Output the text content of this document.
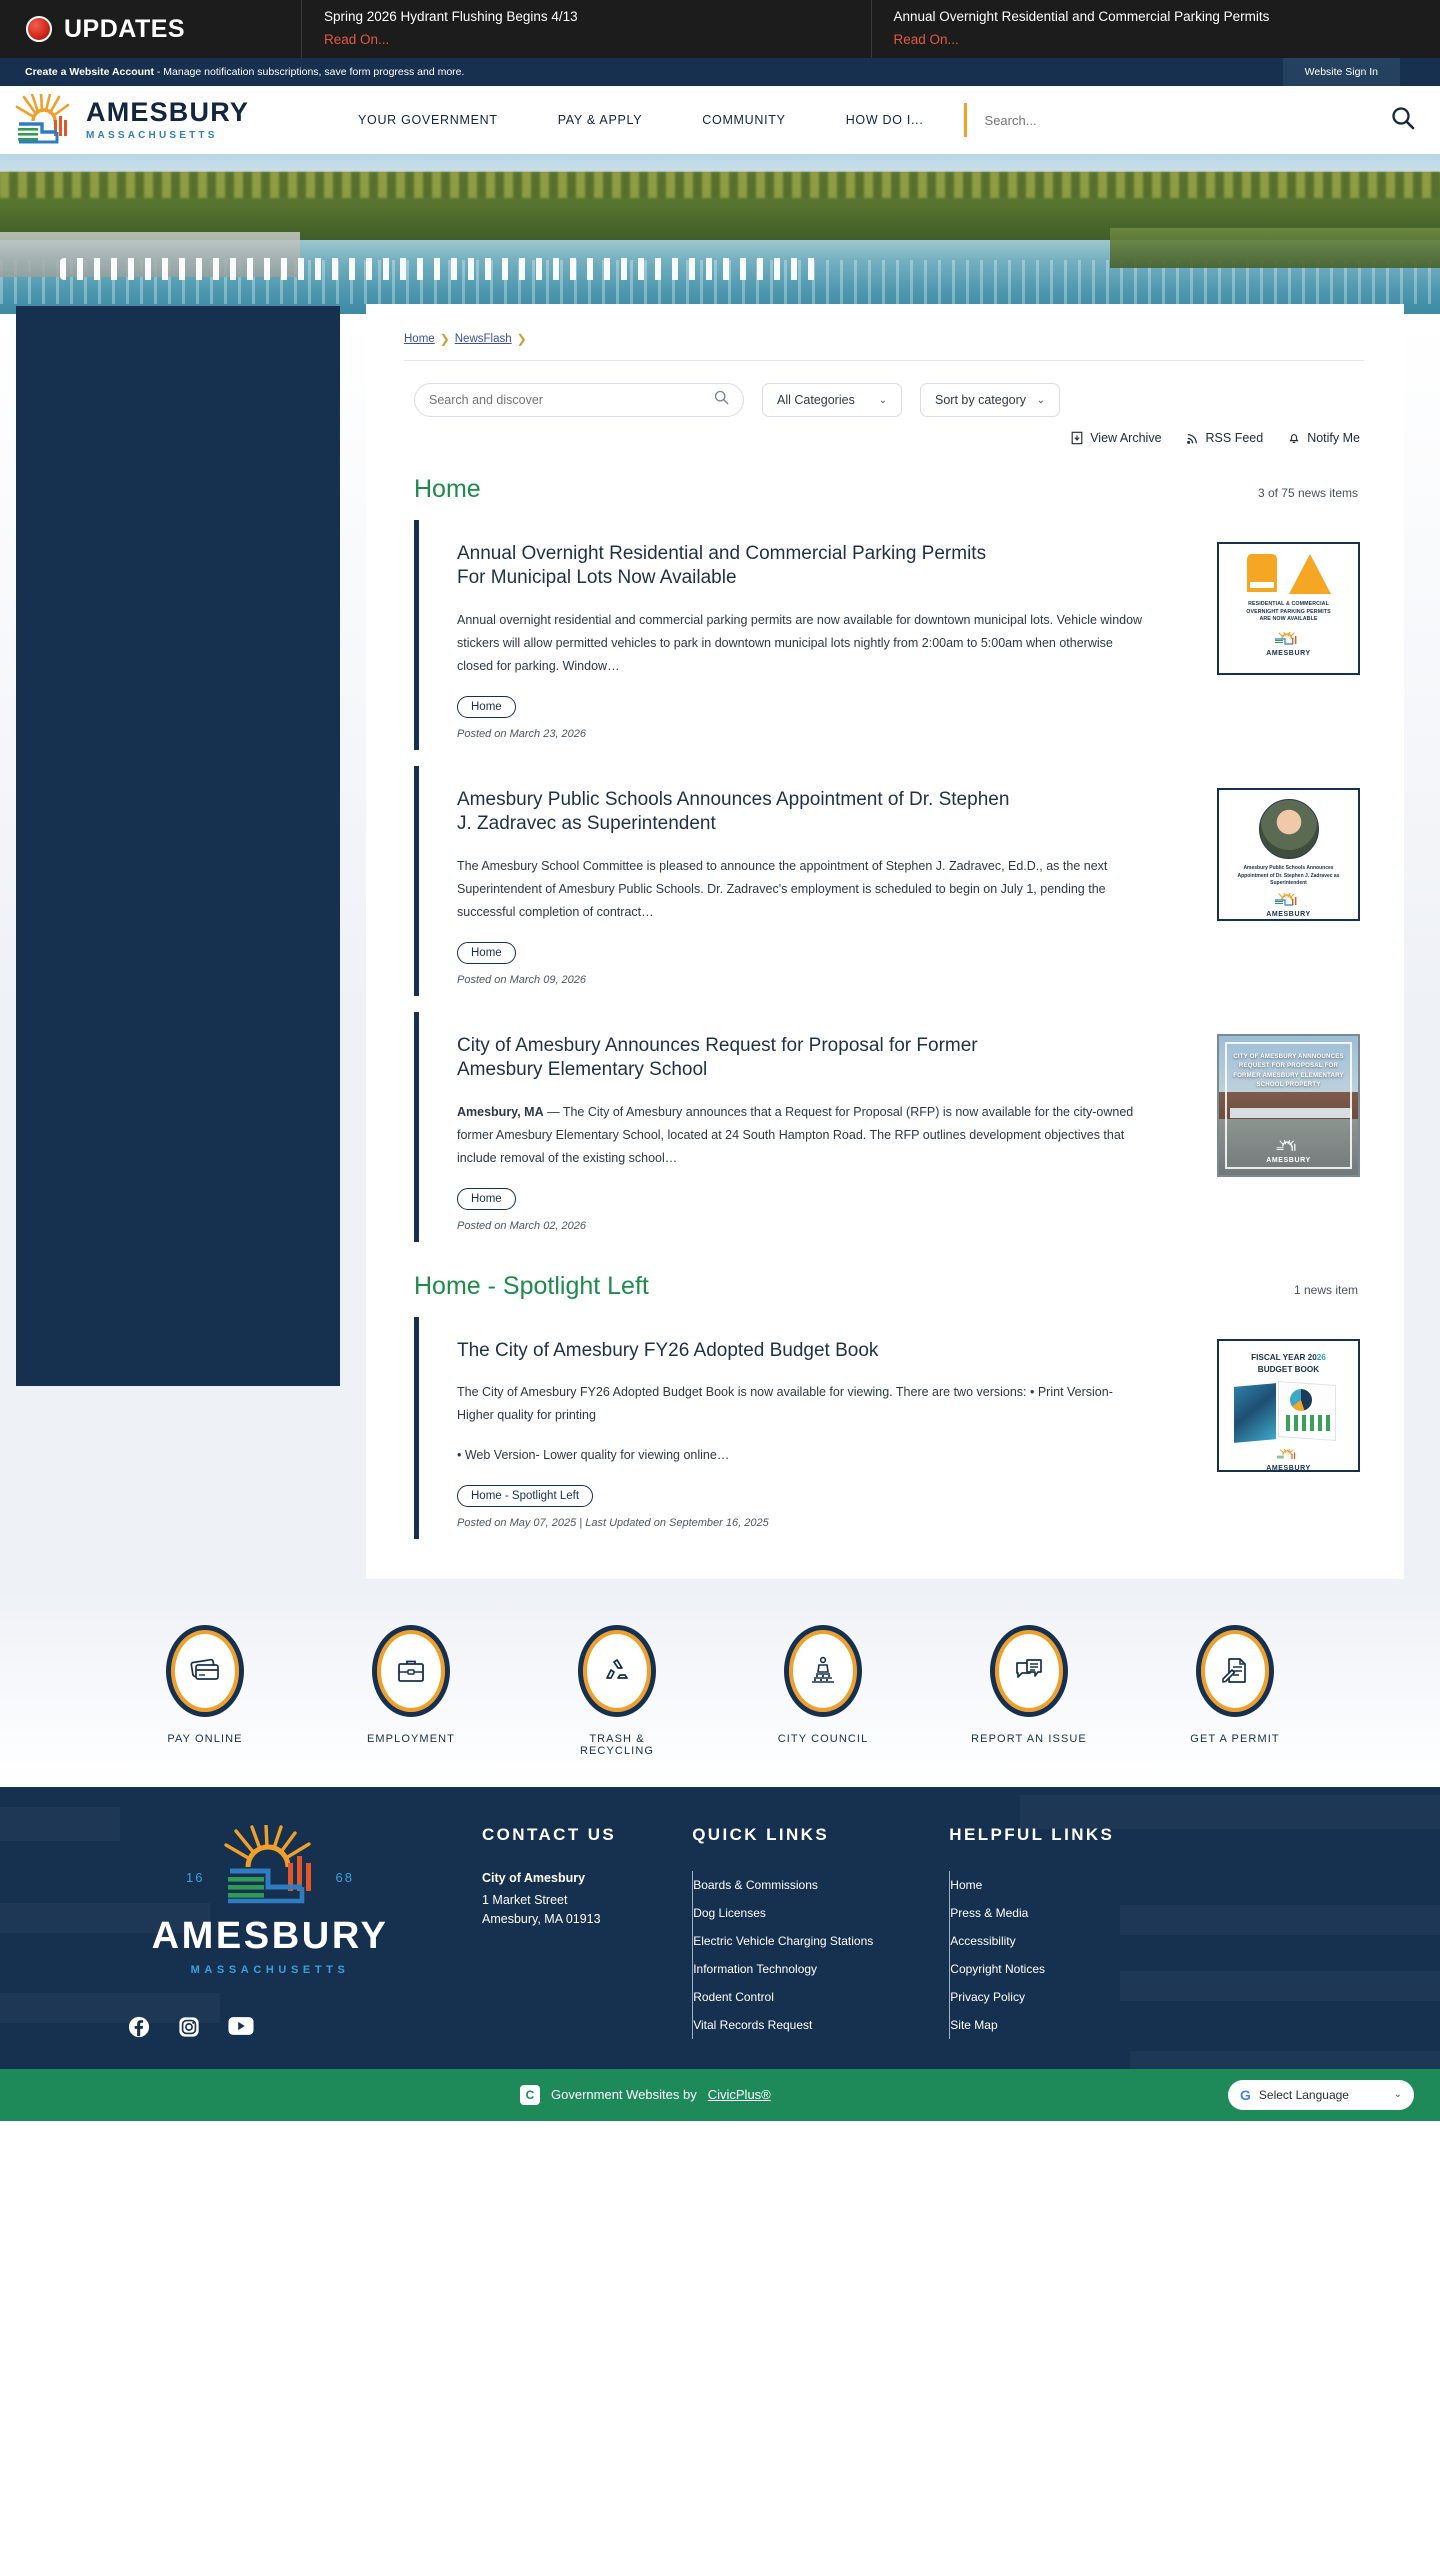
UPDATES	Spring 2026 Hydrant Flushing Begins 4/13
Read On...
Annual Overnight Residential and Commercial Parking Permits
Read On...
Create a Website Account - Manage notification subscriptions, save form progress and more.	Website Sign In
AMESBURY
MASSACHUSETTS
YOUR GOVERNMENT	PAY & APPLY	COMMUNITY	HOW DO I...
Search...
Home ❯ NewsFlash ❯
Search and discover
All Categories ⌄	Sort by category ⌄
View Archive	RSS Feed	Notify Me
Home	3 of 75 news items
Annual Overnight Residential and Commercial Parking Permits For Municipal Lots Now Available
Annual overnight residential and commercial parking permits are now available for downtown municipal lots. Vehicle window stickers will allow permitted vehicles to park in downtown municipal lots nightly from 2:00am to 5:00am when otherwise closed for parking. Window…
Home
Posted on March 23, 2026
RESIDENTIAL & COMMERCIAL
OVERNIGHT PARKING PERMITS
ARE NOW AVAILABLE
AMESBURY
Amesbury Public Schools Announces Appointment of Dr. Stephen J. Zadravec as Superintendent
The Amesbury School Committee is pleased to announce the appointment of Stephen J. Zadravec, Ed.D., as the next Superintendent of Amesbury Public Schools. Dr. Zadravec's employment is scheduled to begin on July 1, pending the successful completion of contract…
Home
Posted on March 09, 2026
Amesbury Public Schools Announces Appointment of Dr. Stephen J. Zadravec as Superintendent
AMESBURY
City of Amesbury Announces Request for Proposal for Former Amesbury Elementary School
Amesbury, MA — The City of Amesbury announces that a Request for Proposal (RFP) is now available for the city-owned former Amesbury Elementary School, located at 24 South Hampton Road. The RFP outlines development objectives that include removal of the existing school…
Home
Posted on March 02, 2026
CITY OF AMESBURY ANNNOUNCES REQUEST FOR PROPOSAL FOR FORMER AMESBURY ELEMENTARY SCHOOL PROPERTY
AMESBURY
Home - Spotlight Left	1 news item
The City of Amesbury FY26 Adopted Budget Book

The City of Amesbury FY26 Adopted Budget Book is now available for viewing. There are two versions: • Print Version- Higher quality for printing

• Web Version- Lower quality for viewing online…

Home - Spotlight Left
Posted on May 07, 2025 | Last Updated on September 16, 2025
FISCAL YEAR 2026
BUDGET BOOK
AMESBURY
PAY ONLINE	EMPLOYMENT	TRASH & RECYCLING
CITY COUNCIL	REPORT AN ISSUE	GET A PERMIT
16	68
AMESBURY
MASSACHUSETTS
CONTACT US
City of Amesbury
1 Market Street
Amesbury, MA 01913
QUICK LINKS
Boards & Commissions
Dog Licenses
Electric Vehicle Charging Stations
Information Technology
Rodent Control
Vital Records Request
HELPFUL LINKS
Home
Press & Media
Accessibility
Copyright Notices
Privacy Policy
Site Map
C	Government Websites by CivicPlus®	G Select Language	⌄
